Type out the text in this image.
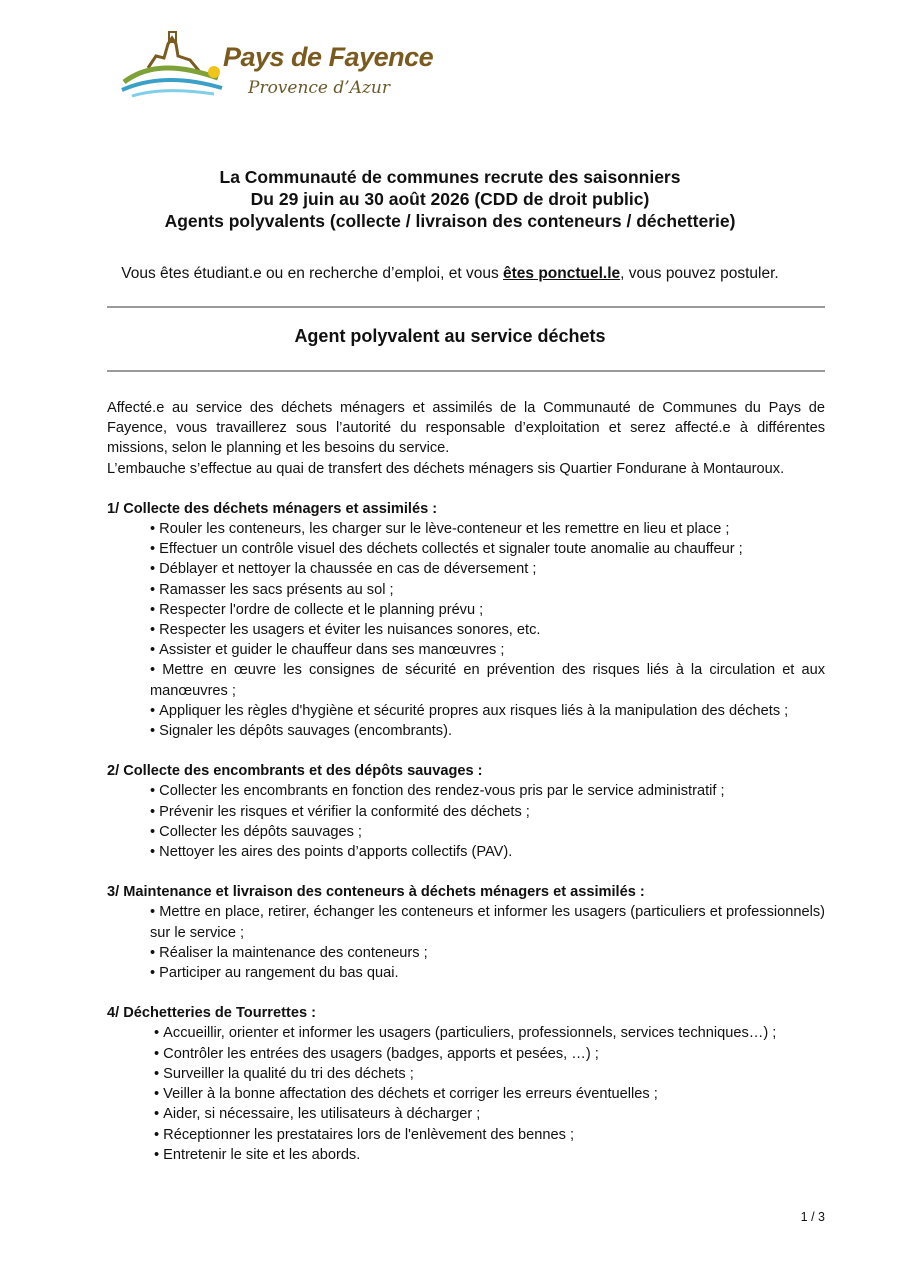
Pays de Fayence
Provence d’Azur
La Communauté de communes recrute des saisonniers
Du 29 juin au 30 août 2026 (CDD de droit public)
Agents polyvalents (collecte / livraison des conteneurs / déchetterie)
Vous êtes étudiant.e ou en recherche d’emploi, et vous êtes ponctuel.le, vous pouvez postuler.
Agent polyvalent au service déchets

Affecté.e au service des déchets ménagers et assimilés de la Communauté de Communes du Pays de Fayence, vous travaillerez sous l’autorité du responsable d’exploitation et serez affecté.e à différentes missions, selon le planning et les besoins du service.

L’embauche s’effectue au quai de transfert des déchets ménagers sis Quartier Fondurane à Montauroux.

1/ Collecte des déchets ménagers et assimilés :
• Rouler les conteneurs, les charger sur le lève-conteneur et les remettre en lieu et place ;
• Effectuer un contrôle visuel des déchets collectés et signaler toute anomalie au chauffeur ;
• Déblayer et nettoyer la chaussée en cas de déversement ;
• Ramasser les sacs présents au sol ;
• Respecter l'ordre de collecte et le planning prévu ;
• Respecter les usagers et éviter les nuisances sonores, etc.
• Assister et guider le chauffeur dans ses manœuvres ;
• Mettre en œuvre les consignes de sécurité en prévention des risques liés à la circulation et aux manœuvres ;
• Appliquer les règles d'hygiène et sécurité propres aux risques liés à la manipulation des déchets ;
• Signaler les dépôts sauvages (encombrants).
2/ Collecte des encombrants et des dépôts sauvages :
• Collecter les encombrants en fonction des rendez-vous pris par le service administratif ;
• Prévenir les risques et vérifier la conformité des déchets ;
• Collecter les dépôts sauvages ;
• Nettoyer les aires des points d’apports collectifs (PAV).
3/ Maintenance et livraison des conteneurs à déchets ménagers et assimilés :
• Mettre en place, retirer, échanger les conteneurs et informer les usagers (particuliers et professionnels) sur le service ;
• Réaliser la maintenance des conteneurs ;
• Participer au rangement du bas quai.
4/ Déchetteries de Tourrettes :
• Accueillir, orienter et informer les usagers (particuliers, professionnels, services techniques…) ;
• Contrôler les entrées des usagers (badges, apports et pesées, …) ;
• Surveiller la qualité du tri des déchets ;
• Veiller à la bonne affectation des déchets et corriger les erreurs éventuelles ;
• Aider, si nécessaire, les utilisateurs à décharger ;
• Réceptionner les prestataires lors de l'enlèvement des bennes ;
• Entretenir le site et les abords.
1 / 3
